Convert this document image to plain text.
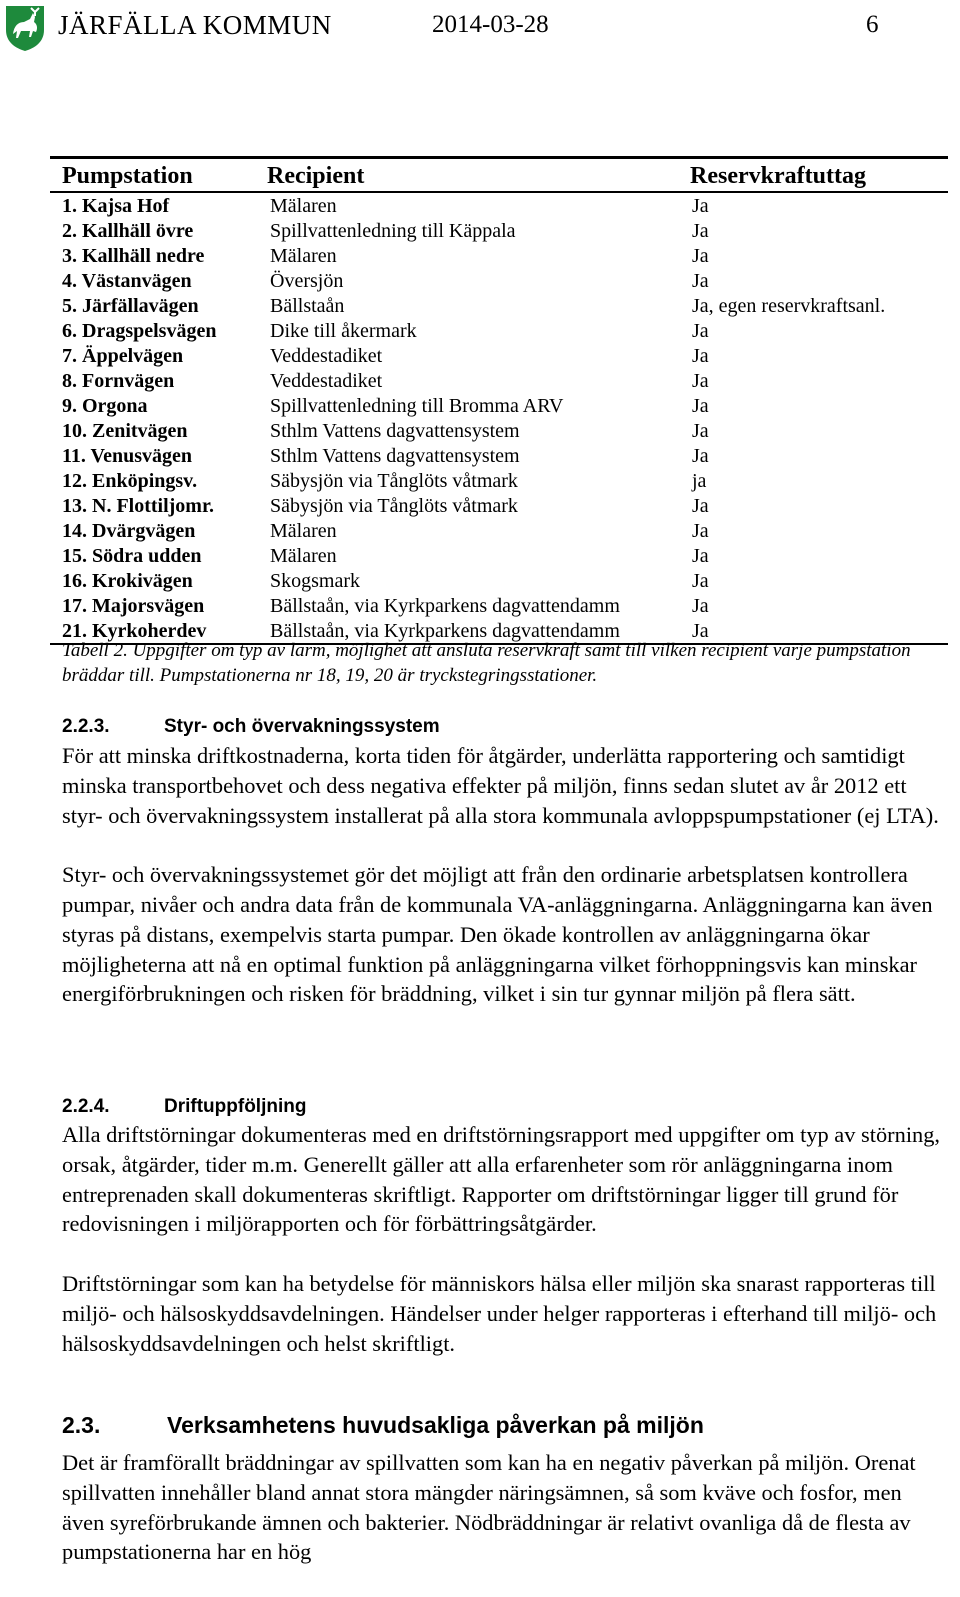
JÄRFÄLLA KOMMUN	2014-03-28	6
Pumpstation	Recipient	Reservkraftuttag
1. Kajsa Hof	Mälaren	Ja
2. Kallhäll övre	Spillvattenledning till Käppala	Ja
3. Kallhäll nedre	Mälaren	Ja
4. Västanvägen	Översjön	Ja
5. Järfällavägen	Bällstaån	Ja, egen reservkraftsanl.
6. Dragspelsvägen	Dike till åkermark	Ja
7. Äppelvägen	Veddestadiket	Ja
8. Fornvägen	Veddestadiket	Ja
9. Orgona	Spillvattenledning till Bromma ARV	Ja
10. Zenitvägen	Sthlm Vattens dagvattensystem	Ja
11. Venusvägen	Sthlm Vattens dagvattensystem	Ja
12. Enköpingsv.	Säbysjön via Tånglöts våtmark	ja
13. N. Flottiljomr.	Säbysjön via Tånglöts våtmark	Ja
14. Dvärgvägen	Mälaren	Ja
15. Södra udden	Mälaren	Ja
16. Krokivägen	Skogsmark	Ja
17. Majorsvägen	Bällstaån, via Kyrkparkens dagvattendamm	Ja
21. Kyrkoherdev	Bällstaån, via Kyrkparkens dagvattendamm	Ja
Tabell 2. Uppgifter om typ av larm, möjlighet att ansluta reservkraft samt till vilken recipient varje pumpstation bräddar till. Pumpstationerna nr 18, 19, 20 är tryckstegringsstationer.
2.2.3.	Styr- och övervakningssystem

För att minska driftkostnaderna, korta tiden för åtgärder, underlätta rapportering och samtidigt minska transportbehovet och dess negativa effekter på miljön, finns sedan slutet av år 2012 ett styr- och övervakningssystem installerat på alla stora kommunala avloppspumpstationer (ej LTA).

Styr- och övervakningssystemet gör det möjligt att från den ordinarie arbetsplatsen kontrollera pumpar, nivåer och andra data från de kommunala VA-anläggningarna. Anläggningarna kan även styras på distans, exempelvis starta pumpar. Den ökade kontrollen av anläggningarna ökar möjligheterna att nå en optimal funktion på anläggningarna vilket förhoppningsvis kan minskar energiförbrukningen och risken för bräddning, vilket i sin tur gynnar miljön på flera sätt.

2.2.4.	Driftuppföljning

Alla driftstörningar dokumenteras med en driftstörningsrapport med uppgifter om typ av störning, orsak, åtgärder, tider m.m. Generellt gäller att alla erfarenheter som rör anläggningarna inom entreprenaden skall dokumenteras skriftligt. Rapporter om driftstörningar ligger till grund för redovisningen i miljörapporten och för förbättringsåtgärder.

Driftstörningar som kan ha betydelse för människors hälsa eller miljön ska snarast rapporteras till miljö- och hälsoskyddsavdelningen. Händelser under helger rapporteras i efterhand till miljö- och hälsoskyddsavdelningen och helst skriftligt.

2.3.	Verksamhetens huvudsakliga påverkan på miljön

Det är framförallt bräddningar av spillvatten som kan ha en negativ påverkan på miljön. Orenat spillvatten innehåller bland annat stora mängder näringsämnen, så som kväve och fosfor, men även syreförbrukande ämnen och bakterier. Nödbräddningar är relativt ovanliga då de flesta av pumpstationerna har en hög
